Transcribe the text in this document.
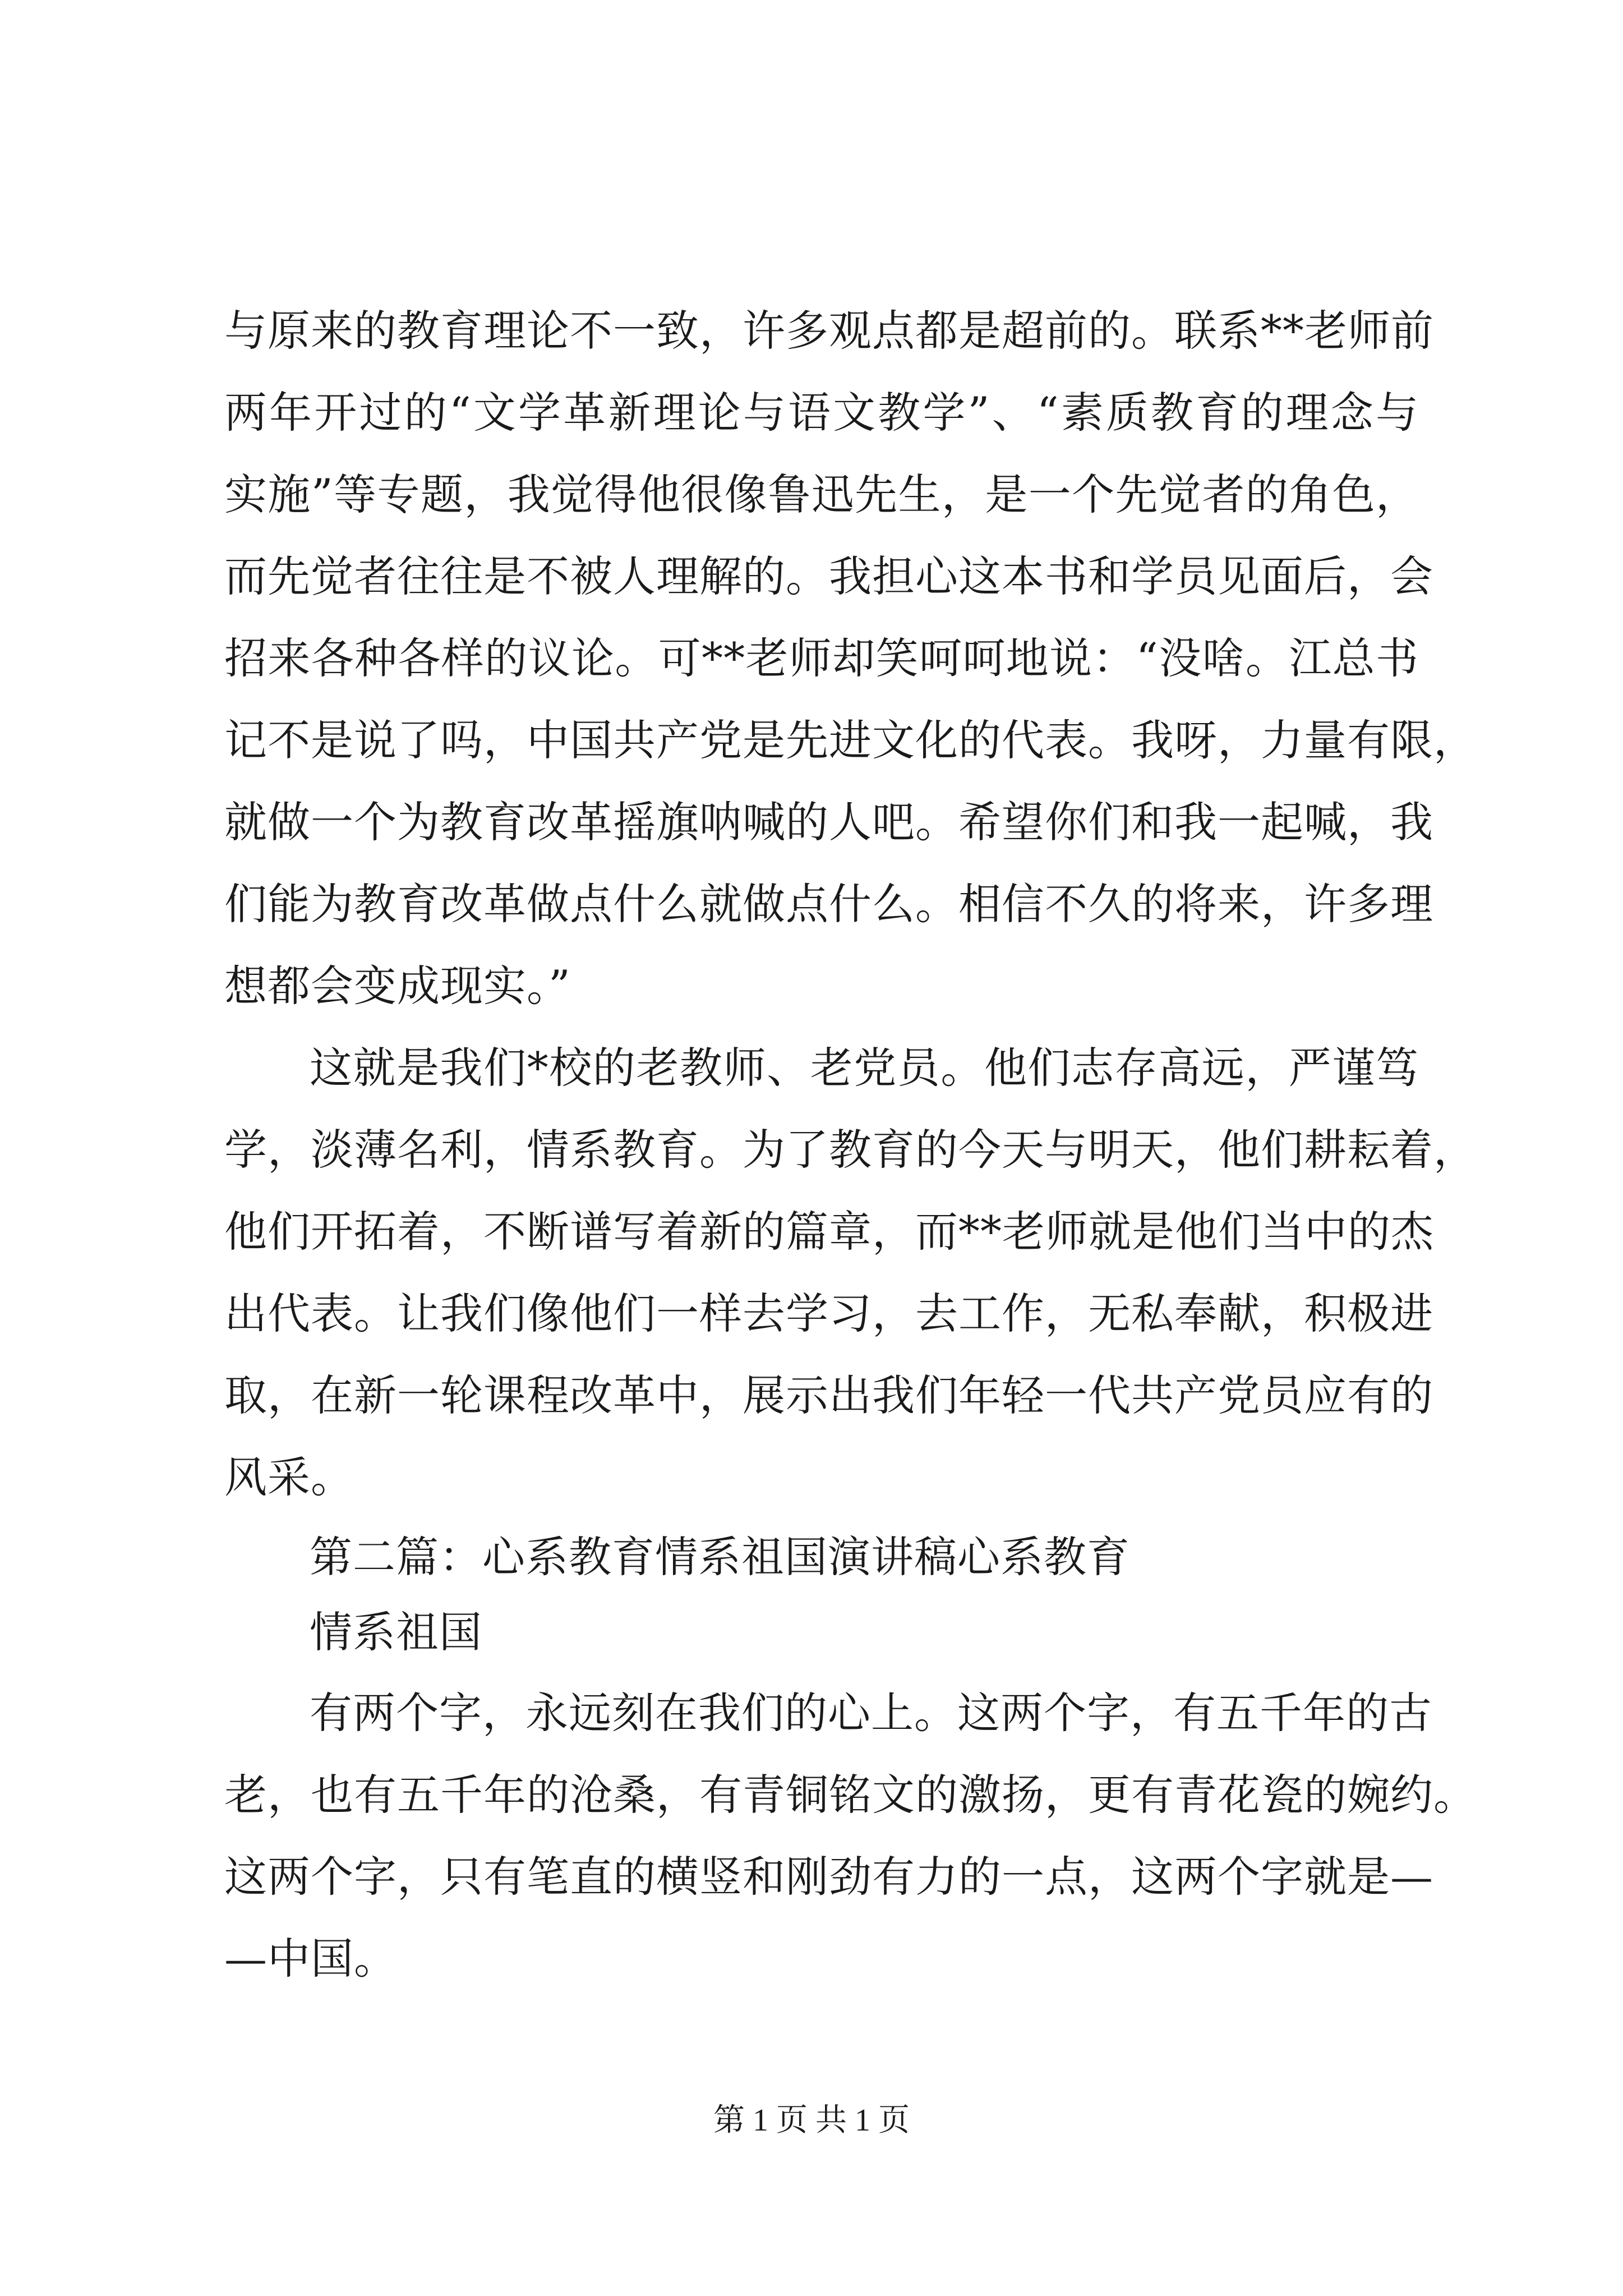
与原来的教育理论不一致，许多观点都是超前的。联系**老师前
两年开过的“文学革新理论与语文教学”、“素质教育的理念与
实施”等专题，我觉得他很像鲁迅先生，是一个先觉者的角色，
而先觉者往往是不被人理解的。我担心这本书和学员见面后，会
招来各种各样的议论。可**老师却笑呵呵地说：“没啥。江总书
记不是说了吗，中国共产党是先进文化的代表。我呀，力量有限，
就做一个为教育改革摇旗呐喊的人吧。希望你们和我一起喊，我
们能为教育改革做点什么就做点什么。相信不久的将来，许多理
想都会变成现实。”
这就是我们*校的老教师、老党员。他们志存高远，严谨笃
学，淡薄名利，情系教育。为了教育的今天与明天，他们耕耘着，
他们开拓着，不断谱写着新的篇章，而**老师就是他们当中的杰
出代表。让我们像他们一样去学习，去工作，无私奉献，积极进
取，在新一轮课程改革中，展示出我们年轻一代共产党员应有的
风采。
第二篇：心系教育情系祖国演讲稿心系教育
情系祖国
有两个字，永远刻在我们的心上。这两个字，有五千年的古
老，也有五千年的沧桑，有青铜铭文的激扬，更有青花瓷的婉约。
这两个字，只有笔直的横竖和刚劲有力的一点，这两个字就是—
—中国。
第 1 页 共 1 页
